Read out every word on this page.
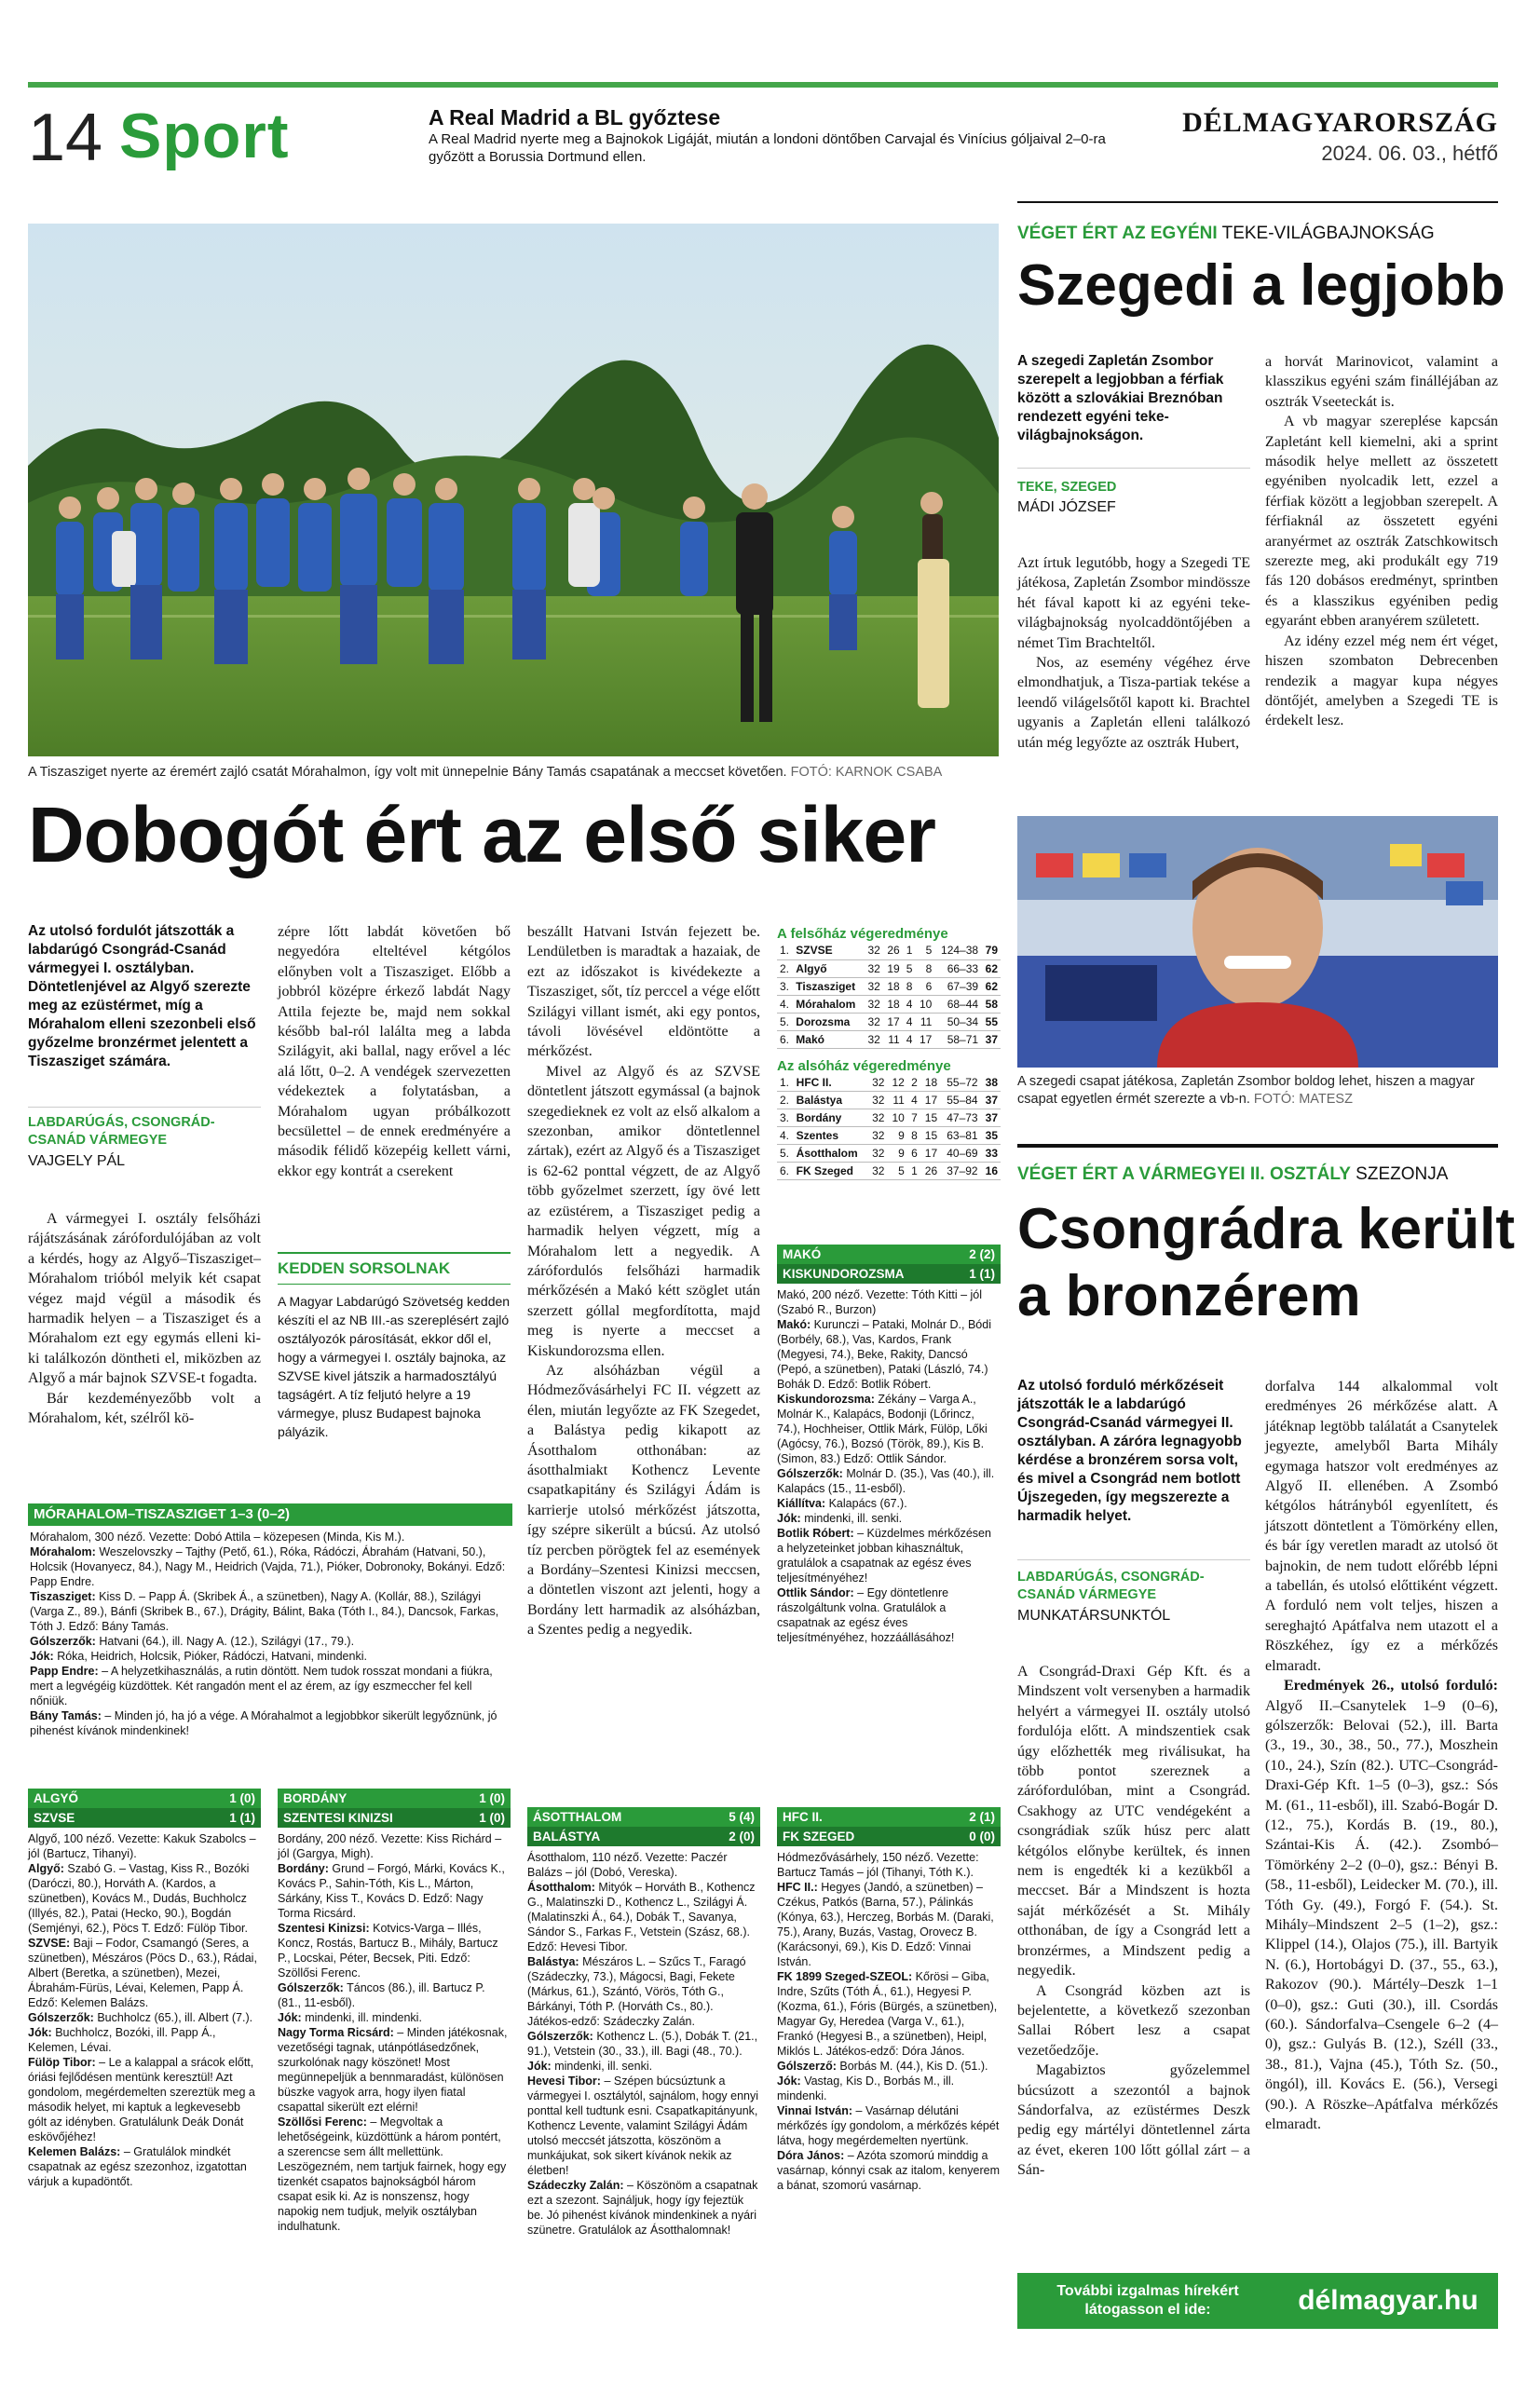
14 Sport	A Real Madrid a BL győztese
A Real Madrid nyerte meg a Bajnokok Ligáját, miután a londoni döntőben Carvajal és Vinícius góljaival 2–0-ra győzött a Borussia Dortmund ellen.
DÉLMAGYARORSZÁG
2024. 06. 03., hétfő
A Tiszasziget nyerte az éremért zajló csatát Mórahalmon, így volt mit ünnepelnie Bány Tamás csapatának a meccset követően. FOTÓ: KARNOK CSABA
Dobogót ért az első siker
Az utolsó fordulót játszották a labdarúgó Csongrád-Csanád vármegyei I. osztályban. Döntetlenjével az Algyő szerezte meg az ezüstérmet, míg a Mórahalom elleni szezonbeli első győzelme bronzérmet jelentett a Tiszasziget számára.
LABDARÚGÁS, CSONGRÁD-CSANÁD VÁRMEGYE
VAJGELY PÁL

A vármegyei I. osztály felsőházi rájátszásának zárófordulójában az volt a kérdés, hogy az Algyő–Tiszasziget–Mórahalom trióból melyik két csapat végez majd végül a második és harmadik helyen – a Tiszasziget és a Mórahalom ezt egy egymás elleni ki-ki találkozón döntheti el, miközben az Algyő a már bajnok SZVSE-t fogadta.

Bár kezdeményezőbb volt a Mórahalom, két, szélről kö-

zépre lőtt labdát követően bő negyedóra elteltével kétgólos előnyben volt a Tiszasziget. Előbb a jobbról középre érkező labdát Nagy Attila fejezte be, majd nem sokkal később bal-ról lalálta meg a labda Szilágyit, aki ballal, nagy erővel a léc alá lőtt, 0–2. A vendégek szervezetten védekeztek a folytatásban, a Mórahalom ugyan próbálkozott becsülettel – de ennek eredményére a második félidő közepéig kellett várni, ekkor egy kontrát a cserekent

KEDDEN SORSOLNAK
A Magyar Labdarúgó Szövetség kedden készíti el az NB III.-as szereplésért zajló osztályozók párosítását, ekkor dől el, hogy a vármegyei I. osztály bajnoka, az SZVSE kivel játszik a harmadosztályú tagságért. A tíz feljutó helyre a 19 vármegye, plusz Budapest bajnoka pályázik.

beszállt Hatvani István fejezett be. Lendületben is maradtak a hazaiak, de ezt az időszakot is kivédekezte a Tiszasziget, sőt, tíz perccel a vége előtt Szilágyi villant ismét, aki egy pontos, távoli lövésével eldöntötte a mérkőzést.

Mivel az Algyő és az SZVSE döntetlent játszott egymással (a bajnok szegedieknek ez volt az első alkalom a szezonban, amikor döntetlennel zártak), ezért az Algyő és a Tiszasziget is 62-62 ponttal végzett, de az Algyő több győzelmet szerzett, így övé lett az ezüstérem, a Tiszasziget pedig a harmadik helyen végzett, míg a Mórahalom lett a negyedik. A zárófordulós felsőházi harmadik mérkőzésén a Makó kétt szöglet után szerzett góllal megfordította, majd meg is nyerte a meccset a Kiskundorozsma ellen.

Az alsóházban végül a Hódmezővásárhelyi FC II. végzett az élen, miután legyőzte az FK Szegedet, a Balástya pedig kikapott az Ásotthalom otthonában: az ásotthalmiakt Kothencz Levente csapatkapitány és Szilágyi Ádám is karrierje utolsó mérkőzést játszotta, így szépre sikerült a búcsú. Az utolsó tíz percben pörögtek fel az események a Bordány–Szentesi Kinizsi meccsen, a döntetlen viszont azt jelenti, hogy a Bordány lett harmadik az alsóházban, a Szentes pedig a negyedik.

A felsőház végeredménye
1.	SZVSE	32	26	1	5	124–38	79
2.	Algyő	32	19	5	8	66–33	62
3.	Tiszasziget	32	18	8	6	67–39	62
4.	Mórahalom	32	18	4	10	68–44	58
5.	Dorozsma	32	17	4	11	50–34	55
6.	Makó	32	11	4	17	58–71	37
Az alsóház végeredménye
1.	HFC II.	32	12	2	18	55–72	38
2.	Balástya	32	11	4	17	55–84	37
3.	Bordány	32	10	7	15	47–73	37
4.	Szentes	32	9	8	15	63–81	35
5.	Ásotthalom	32	9	6	17	40–69	33
6.	FK Szeged	32	5	1	26	37–92	16
MAKÓ	2 (2)
KISKUNDOROZSMA	1 (1)
Makó, 200 néző. Vezette: Tóth Kitti – jól (Szabó R., Burzon)
Makó: Kurunczi – Pataki, Molnár D., Bódi (Borbély, 68.), Vas, Kardos, Frank (Megyesi, 74.), Beke, Rakity, Dancsó (Pepó, a szünetben), Pataki (László, 74.) Bohák D. Edző: Botlik Róbert.
Kiskundorozsma: Zékány – Varga A., Molnár K., Kalapács, Bodonji (Lőrincz, 74.), Hochheiser, Ottlik Márk, Fülöp, Lőki (Agócsy, 76.), Bozsó (Török, 89.), Kis B. (Simon, 83.) Edző: Ottlik Sándor.
Gólszerzők: Molnár D. (35.), Vas (40.), ill. Kalapács (15., 11-esből).
Kiállítva: Kalapács (67.).
Jók: mindenki, ill. senki.
Botlik Róbert: – Küzdelmes mérkőzésen a helyzeteinket jobban kihasználtuk, gratulálok a csapatnak az egész éves teljesítményéhez!
Ottlik Sándor: – Egy döntetlenre rászolgáltunk volna. Gratulálok a csapatnak az egész éves teljesítményéhez, hozzáállásához!
MÓRAHALOM–TISZASZIGET 1–3 (0–2)
Mórahalom, 300 néző. Vezette: Dobó Attila – közepesen (Minda, Kis M.).
Mórahalom: Weszelovszky – Tajthy (Pető, 61.), Róka, Rádóczi, Ábrahám (Hatvani, 50.), Holcsik (Hovanyecz, 84.), Nagy M., Heidrich (Vajda, 71.), Pióker, Dobronoky, Bokányi. Edző: Papp Endre.
Tiszasziget: Kiss D. – Papp Á. (Skribek Á., a szünetben), Nagy A. (Kollár, 88.), Szilágyi (Varga Z., 89.), Bánfi (Skribek B., 67.), Drágity, Bálint, Baka (Tóth I., 84.), Dancsok, Farkas, Tóth J. Edző: Bány Tamás.
Gólszerzők: Hatvani (64.), ill. Nagy A. (12.), Szilágyi (17., 79.).
Jók: Róka, Heidrich, Holcsik, Pióker, Rádóczi, Hatvani, mindenki.
Papp Endre: – A helyzetkihasználás, a rutin döntött. Nem tudok rosszat mondani a fiúkra, mert a legvégéig küzdöttek. Két rangadón ment el az érem, az így eszmeccher fel kell nőniük.
Bány Tamás: – Minden jó, ha jó a vége. A Mórahalmot a legjobbkor sikerült legyőznünk, jó pihenést kívánok mindenkinek!
ALGYŐ	1 (0)
SZVSE	1 (1)
Algyő, 100 néző. Vezette: Kakuk Szabolcs – jól (Bartucz, Tihanyi).
Algyő: Szabó G. – Vastag, Kiss R., Bozóki (Daróczi, 80.), Horváth A. (Kardos, a szünetben), Kovács M., Dudás, Buchholcz (Illyés, 82.), Patai (Hecko, 90.), Bogdán (Semjényi, 62.), Pöcs T. Edző: Fülöp Tibor.
SZVSE: Baji – Fodor, Csamangó (Seres, a szünetben), Mészáros (Pöcs D., 63.), Rádai, Albert (Beretka, a szünetben), Mezei, Ábrahám-Fürüs, Lévai, Kelemen, Papp Á. Edző: Kelemen Balázs.
Gólszerzők: Buchholcz (65.), ill. Albert (7.).
Jók: Buchholcz, Bozóki, ill. Papp Á., Kelemen, Lévai.
Fülöp Tibor: – Le a kalappal a srácok előtt, óriási fejlődésen mentünk keresztül! Azt gondolom, megérdemelten szereztük meg a második helyet, mi kaptuk a legkevesebb gólt az idényben. Gratulálunk Deák Donát eskövőjéhez!
Kelemen Balázs: – Gratulálok mindkét csapatnak az egész szezonhoz, izgatottan várjuk a kupadöntőt.
BORDÁNY	1 (0)
SZENTESI KINIZSI	1 (0)
Bordány, 200 néző. Vezette: Kiss Richárd – jól (Gargya, Migh).
Bordány: Grund – Forgó, Márki, Kovács K., Kovács P., Sahin-Tóth, Kis L., Márton, Sárkány, Kiss T., Kovács D. Edző: Nagy Torma Ricsárd.
Szentesi Kinizsi: Kotvics-Varga – Illés, Koncz, Rostás, Bartucz B., Mihály, Bartucz P., Locskai, Péter, Becsek, Piti. Edző: Szöllősi Ferenc.
Gólszerzők: Táncos (86.), ill. Bartucz P. (81., 11-esből).
Jók: mindenki, ill. mindenki.
Nagy Torma Ricsárd: – Minden játékosnak, vezetőségi tagnak, utánpótlásedzőnek, szurkolónak nagy köszönet! Most megünnepeljük a bennmaradást, különösen büszke vagyok arra, hogy ilyen fiatal csapattal sikerült ezt elérni!
Szöllősi Ferenc: – Megvoltak a lehetőségeink, küzdöttünk a három pontért, a szerencse sem állt mellettünk. Leszögezném, nem tartjuk fairnek, hogy egy tizenkét csapatos bajnokságból három csapat esik ki. Az is nonszensz, hogy napokig nem tudjuk, melyik osztályban indulhatunk.
ÁSOTTHALOM	5 (4)
BALÁSTYA	2 (0)
Ásotthalom, 110 néző. Vezette: Paczér Balázs – jól (Dobó, Vereska).
Ásotthalom: Mityók – Horváth B., Kothencz G., Malatinszki D., Kothencz L., Szilágyi Á. (Malatinszki Á., 64.), Dobák T., Savanya, Sándor S., Farkas F., Vetstein (Szász, 68.). Edző: Hevesi Tibor.
Balástya: Mészáros L. – Szűcs T., Faragó (Szádeczky, 73.), Mágocsi, Bagi, Fekete (Márkus, 61.), Szántó, Vörös, Tóth G., Bárkányi, Tóth P. (Horváth Cs., 80.). Játékos-edző: Szádeczky Zalán.
Gólszerzők: Kothencz L. (5.), Dobák T. (21., 91.), Vetstein (30., 33.), ill. Bagi (48., 70.).
Jók: mindenki, ill. senki.
Hevesi Tibor: – Szépen búcsúztunk a vármegyei I. osztálytól, sajnálom, hogy ennyi ponttal kell tudtunk esni. Csapatkapitányunk, Kothencz Levente, valamint Szilágyi Ádám utolsó meccsét játszotta, köszönöm a munkájukat, sok sikert kívánok nekik az életben!
Szádeczky Zalán: – Köszönöm a csapatnak ezt a szezont. Sajnáljuk, hogy így fejeztük be. Jó pihenést kívánok mindenkinek a nyári szünetre. Gratulálok az Ásotthalomnak!
HFC II.	2 (1)
FK SZEGED	0 (0)
Hódmezővásárhely, 150 néző. Vezette: Bartucz Tamás – jól (Tihanyi, Tóth K.).
HFC II.: Hegyes (Jandó, a szünetben) – Czékus, Patkós (Barna, 57.), Pálinkás (Kónya, 63.), Herczeg, Borbás M. (Daraki, 75.), Arany, Buzás, Vastag, Orovecz B. (Karácsonyi, 69.), Kis D. Edző: Vinnai István.
FK 1899 Szeged-SZEOL: Kőrösi – Giba, Indre, Szűts (Tóth Á., 61.), Hegyesi P. (Kozma, 61.), Fóris (Bürgés, a szünetben), Magyar Gy, Heredea (Varga V., 61.), Frankó (Hegyesi B., a szünetben), Heipl, Miklós L. Játékos-edző: Dóra János.
Gólszerző: Borbás M. (44.), Kis D. (51.).
Jók: Vastag, Kis D., Borbás M., ill. mindenki.
Vinnai István: – Vasárnap délutáni mérkőzés így gondolom, a mérkőzés képét látva, hogy megérdemelten nyertünk.
Dóra János: – Azóta szomorú minddig a vasárnap, kónnyi csak az italom, kenyerem a bánat, szomorú vasárnap.
VÉGET ÉRT AZ EGYÉNI TEKE-VILÁGBAJNOKSÁG
Szegedi a legjobb
A szegedi Zapletán Zsombor szerepelt a legjobban a férfiak között a szlovákiai Breznóban rendezett egyéni teke-világbajnokságon.
TEKE, SZEGED
MÁDI JÓZSEF

Azt írtuk legutóbb, hogy a Szegedi TE játékosa, Zapletán Zsombor mindössze hét fával kapott ki az egyéni teke-világbajnokság nyolcaddöntőjében a német Tim Brachteltől.

Nos, az esemény végéhez érve elmondhatjuk, a Tisza-partiak tekése a leendő világelsőtől kapott ki. Brachtel ugyanis a Zapletán elleni találkozó után még legyőzte az osztrák Hubert,

a horvát Marinovicot, valamint a klasszikus egyéni szám finálléjában az osztrák Vseeteckát is.

A vb magyar szereplése kapcsán Zapletánt kell kiemelni, aki a sprint második helye mellett az összetett egyéniben nyolcadik lett, ezzel a férfiak között a legjobban szerepelt. A férfiaknál az összetett egyéni aranyérmet az osztrák Zatschkowitsch szerezte meg, aki produkált egy 719 fás 120 dobásos eredményt, sprintben és a klasszikus egyéniben pedig egyaránt ebben aranyérem született.

Az idény ezzel még nem ért véget, hiszen szombaton Debrecenben rendezik a magyar kupa négyes döntőjét, amelyben a Szegedi TE is érdekelt lesz.

A szegedi csapat játékosa, Zapletán Zsombor boldog lehet, hiszen a magyar csapat egyetlen érmét szerezte a vb-n. FOTÓ: MATESZ
VÉGET ÉRT A VÁRMEGYEI II. OSZTÁLY SZEZONJA
Csongrádra került
a bronzérem
Az utolsó forduló mérkőzéseit játszották le a labdarúgó Csongrád-Csanád vármegyei II. osztályban. A záróra legnagyobb kérdése a bronzérem sorsa volt, és mivel a Csongrád nem botlott Újszegeden, így megszerezte a harmadik helyet.
LABDARÚGÁS, CSONGRÁD-CSANÁD VÁRMEGYE
MUNKATÁRSUNKTÓL

A Csongrád-Draxi Gép Kft. és a Mindszent volt versenyben a harmadik helyért a vármegyei II. osztály utolsó fordulója előtt. A mindszentiek csak úgy előzhették meg riválisukat, ha több pontot szereznek a zárófordulóban, mint a Csongrád. Csakhogy az UTC vendégeként a csongrádiak szűk húsz perc alatt kétgólos előnybe kerültek, és innen nem is engedték ki a kezükből a meccset. Bár a Mindszent is hozta saját mérkőzését a St. Mihály otthonában, de így a Csongrád lett a bronzérmes, a Mindszent pedig a negyedik.

A Csongrád közben azt is bejelentette, a következő szezonban Sallai Róbert lesz a csapat vezetőedzője.

Magabiztos győzelemmel búcsúzott a szezontól a bajnok Sándorfalva, az ezüstérmes Deszk pedig egy mártélyi döntetlennel zárta az évet, ekeren 100 lőtt góllal zárt – a Sán-

dorfalva 144 alkalommal volt eredményes 26 mérkőzése alatt. A játéknap legtöbb találatát a Csanytelek jegyezte, amelyből Barta Mihály egymaga hatszor volt eredményes az Algyő II. ellenében. A Zsombó kétgólos hátrányból egyenlített, és játszott döntetlent a Tömörkény ellen, és bár így veretlen maradt az utolsó öt bajnokin, de nem tudott előrébb lépni a tabellán, és utolsó előttiként végzett. A forduló nem volt teljes, hiszen a sereghajtó Apátfalva nem utazott el a Röszkéhez, így ez a mérkőzés elmaradt.

Eredmények 26., utolsó forduló: Algyő II.–Csanytelek 1–9 (0–6), gólszerzők: Belovai (52.), ill. Barta (3., 19., 30., 38., 50., 77.), Moszhein (10., 24.), Szín (82.). UTC–Csongrád-Draxi-Gép Kft. 1–5 (0–3), gsz.: Sós M. (61., 11-esből), ill. Szabó-Bogár D. (12., 75.), Kordás B. (19., 80.), Szántai-Kis Á. (42.). Zsombó–Tömörkény 2–2 (0–0), gsz.: Bényi B. (58., 11-esből), Leidecker M. (70.), ill. Tóth Gy. (49.), Forgó F. (54.). St. Mihály–Mindszent 2–5 (1–2), gsz.: Klippel (14.), Olajos (75.), ill. Bartyik N. (6.), Hortobágyi D. (37., 55., 63.), Rakozov (90.). Mártély–Deszk 1–1 (0–0), gsz.: Guti (30.), ill. Csordás (60.). Sándorfalva–Csengele 6–2 (4–0), gsz.: Gulyás B. (12.), Széll (33., 38., 81.), Vajna (45.), Tóth Sz. (50., öngól), ill. Kovács E. (56.), Versegi (90.). A Röszke–Apátfalva mérkőzés elmaradt.

További izgalmas hírekért
látogasson el ide:	délmagyar.hu
